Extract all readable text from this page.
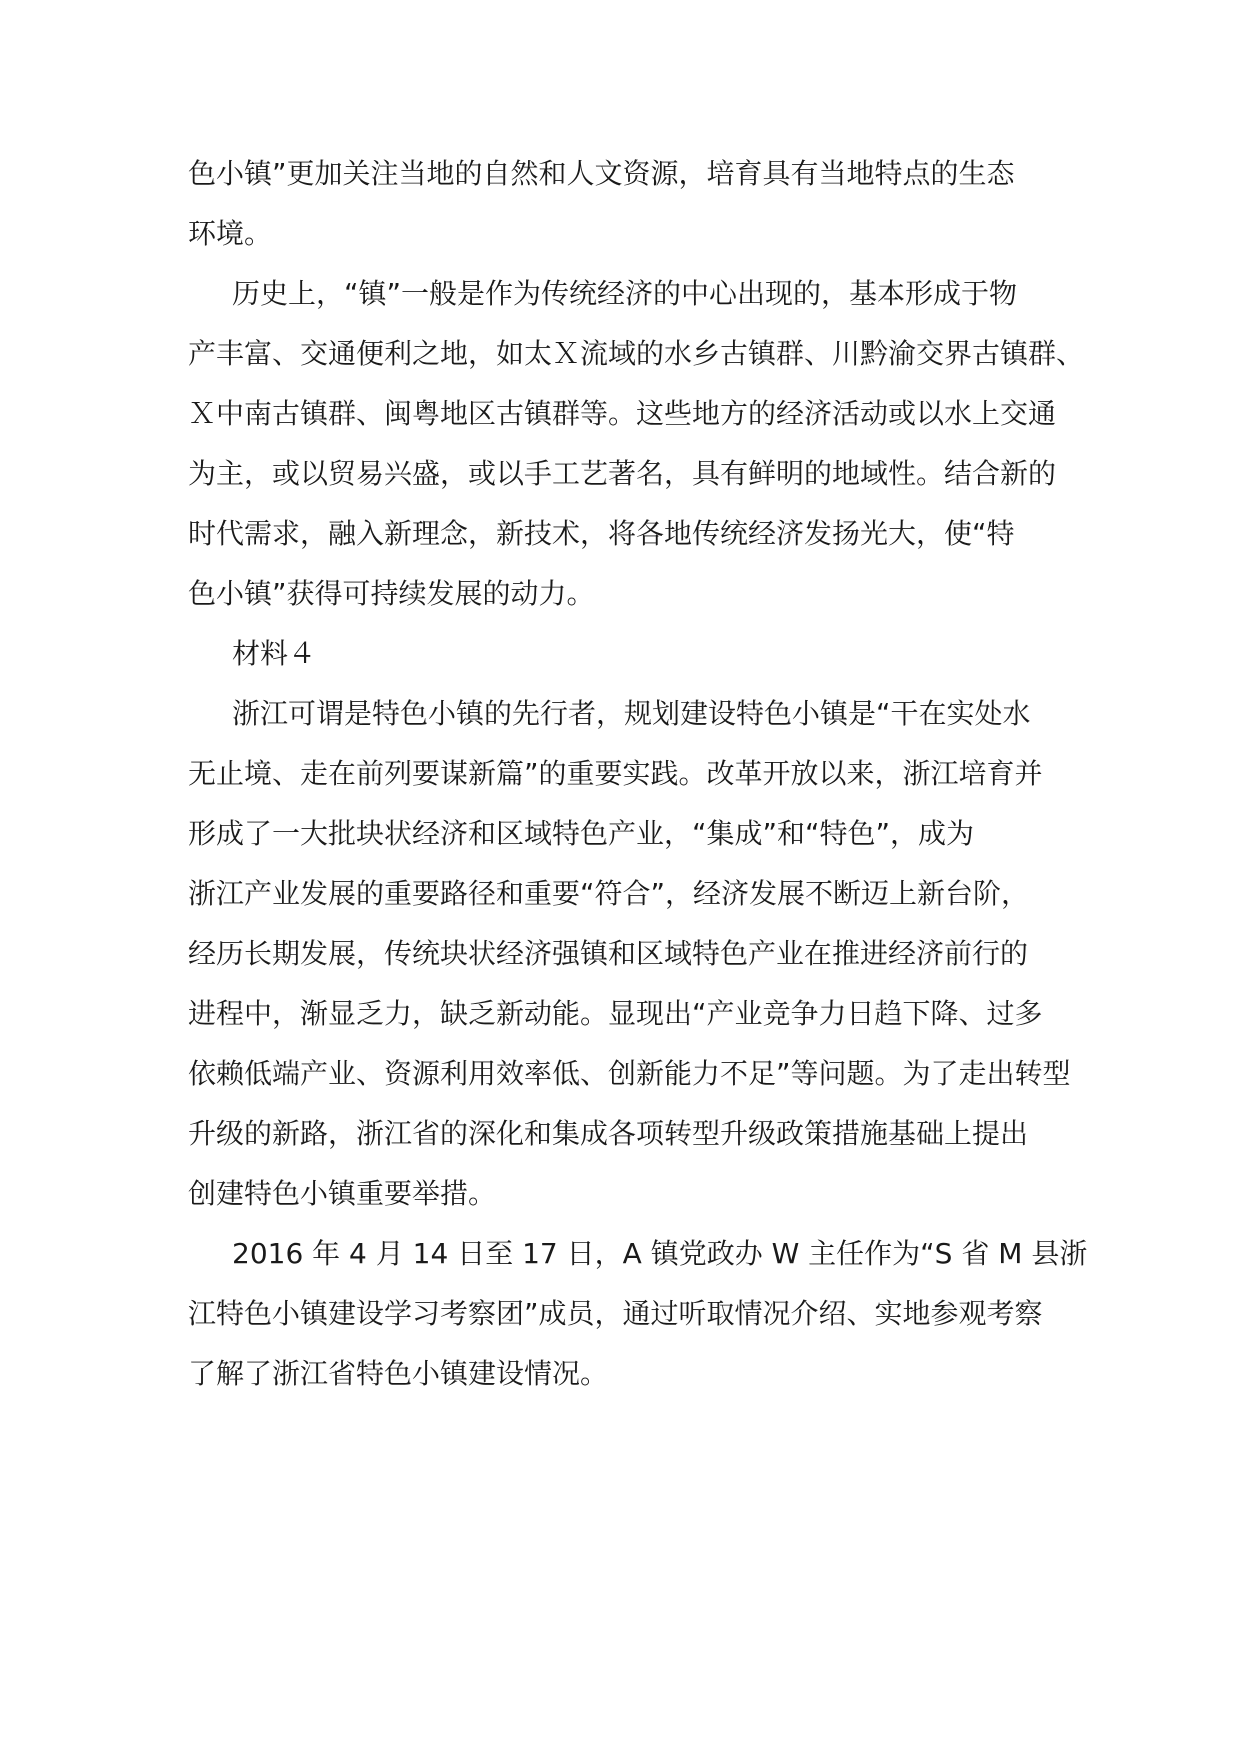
色小镇”更加关注当地的自然和人文资源，培育具有当地特点的生态
环境。
历史上，“镇”一般是作为传统经济的中心出现的，基本形成于物
产丰富、交通便利之地，如太Ｘ流域的水乡古镇群、川黔渝交界古镇群、
Ｘ中南古镇群、闽粤地区古镇群等。这些地方的经济活动或以水上交通
为主，或以贸易兴盛，或以手工艺著名，具有鲜明的地域性。结合新的
时代需求，融入新理念，新技术，将各地传统经济发扬光大，使“特
色小镇”获得可持续发展的动力。
材料４
浙江可谓是特色小镇的先行者，规划建设特色小镇是“干在实处水
无止境、走在前列要谋新篇”的重要实践。改革开放以来，浙江培育并
形成了一大批块状经济和区域特色产业，“集成”和“特色”，成为
浙江产业发展的重要路径和重要“符合”，经济发展不断迈上新台阶，
经历长期发展，传统块状经济强镇和区域特色产业在推进经济前行的
进程中，渐显乏力，缺乏新动能。显现出“产业竞争力日趋下降、过多
依赖低端产业、资源利用效率低、创新能力不足”等问题。为了走出转型
升级的新路，浙江省的深化和集成各项转型升级政策措施基础上提出
创建特色小镇重要举措。
2016 年 4 月 14 日至 17 日，A 镇党政办 W 主任作为“S 省 M 县浙
江特色小镇建设学习考察团”成员，通过听取情况介绍、实地参观考察
了解了浙江省特色小镇建设情况。
